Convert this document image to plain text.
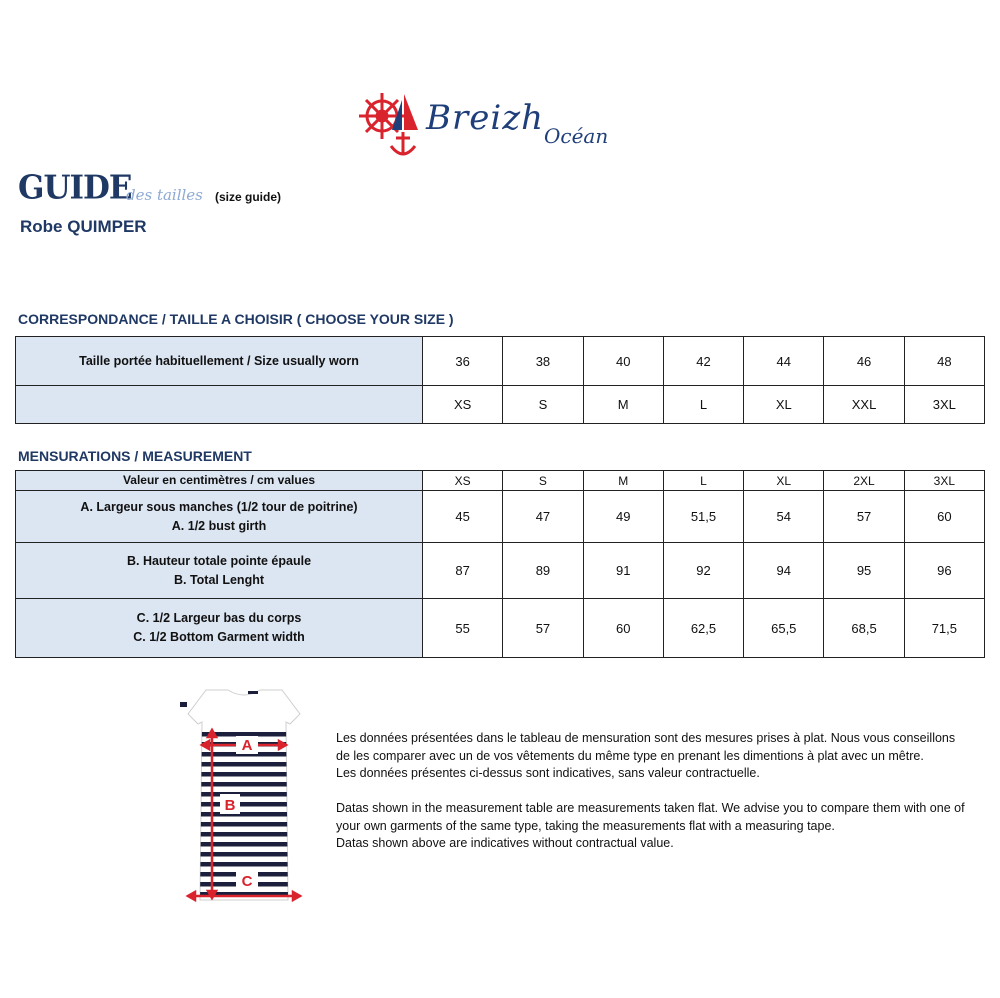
Breizh Océan
GUIDE
des tailles (size guide)
Robe QUIMPER
CORRESPONDANCE / TAILLE A CHOISIR ( CHOOSE YOUR SIZE )
Taille portée habituellement / Size usually worn	36	38	40	42	44	46	48
	XS	S	M	L	XL	XXL	3XL
MENSURATIONS / MEASUREMENT
Valeur en centimètres / cm values	XS	S	M	L	XL	2XL	3XL

A. Largeur sous manches (1/2 tour de poitrine)
A. 1/2 bust girth	45	47	49	51,5	54	57	60

B. Hauteur totale pointe épaule
B. Total Lenght	87	89	91	92	94	95	96

C. 1/2 Largeur bas du corps
C. 1/2 Bottom Garment width	55	57	60	62,5	65,5	68,5	71,5
A
B
C

Les données présentées dans le tableau de mensuration sont des mesures prises à plat. Nous vous conseillons de les comparer avec un de vos vêtements du même type en prenant les dimentions à plat avec un mêtre.

Les données présentes ci-dessus sont indicatives, sans valeur contractuelle.

Datas shown in the measurement table are measurements taken flat. We advise you to compare them with one of your own garments of the same type, taking the measurements flat with a measuring tape.

Datas shown above are indicatives without contractual value.
